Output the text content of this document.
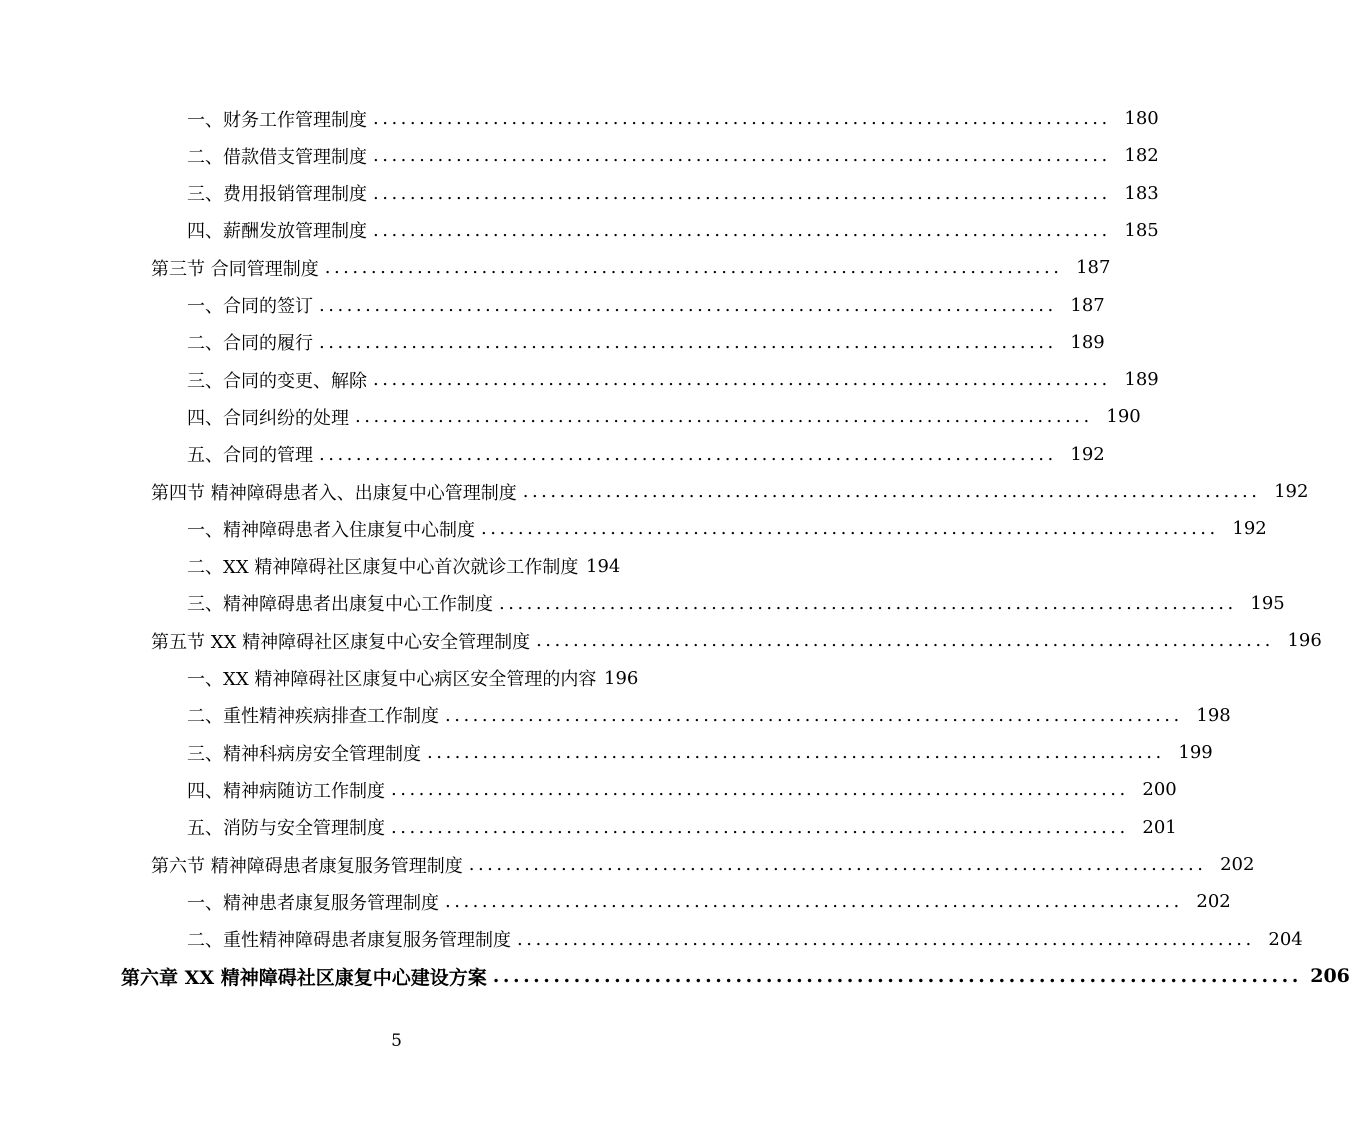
一、财务工作管理制度 ................................................................................ 180
二、借款借支管理制度 ................................................................................ 182
三、费用报销管理制度 ................................................................................ 183
四、薪酬发放管理制度 ................................................................................ 185
第三节 合同管理制度 ................................................................................ 187
一、合同的签订 ................................................................................ 187
二、合同的履行 ................................................................................ 189
三、合同的变更、解除 ................................................................................ 189
四、合同纠纷的处理 ................................................................................ 190
五、合同的管理 ................................................................................ 192
第四节 精神障碍患者入、出康复中心管理制度 ................................................................................ 192
一、精神障碍患者入住康复中心制度 ................................................................................ 192
二、XX 精神障碍社区康复中心首次就诊工作制度 194
三、精神障碍患者出康复中心工作制度 ................................................................................ 195
第五节 XX 精神障碍社区康复中心安全管理制度 ................................................................................ 196
一、XX 精神障碍社区康复中心病区安全管理的内容 196
二、重性精神疾病排查工作制度 ................................................................................ 198
三、精神科病房安全管理制度 ................................................................................ 199
四、精神病随访工作制度 ................................................................................ 200
五、消防与安全管理制度 ................................................................................ 201
第六节 精神障碍患者康复服务管理制度 ................................................................................ 202
一、精神患者康复服务管理制度 ................................................................................ 202
二、重性精神障碍患者康复服务管理制度 ................................................................................ 204
第六章 XX 精神障碍社区康复中心建设方案 ................................................................................ 206
5
